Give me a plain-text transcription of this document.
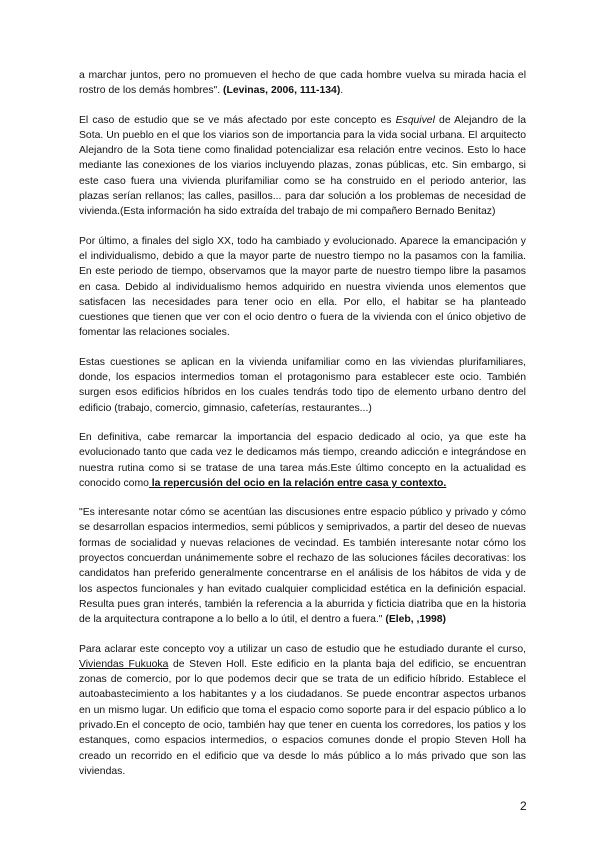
a marchar juntos, pero no promueven el hecho de que cada hombre vuelva su mirada hacia el rostro de los demás hombres". (Levinas, 2006, 111-134).

El caso de estudio que se ve más afectado por este concepto es Esquivel de Alejandro de la Sota. Un pueblo en el que los viarios son de importancia para la vida social urbana. El arquitecto Alejandro de la Sota tiene como finalidad potencializar esa relación entre vecinos. Esto lo hace mediante las conexiones de los viarios incluyendo plazas, zonas públicas, etc. Sin embargo, si este caso fuera una vivienda plurifamiliar como se ha construido en el periodo anterior, las plazas serían rellanos; las calles, pasillos... para dar solución a los problemas de necesidad de vivienda.(Esta información ha sido extraída del trabajo de mi compañero Bernado Benitaz)

Por último, a finales del siglo XX, todo ha cambiado y evolucionado. Aparece la emancipación y el individualismo, debido a que la mayor parte de nuestro tiempo no la pasamos con la familia. En este periodo de tiempo, observamos que la mayor parte de nuestro tiempo libre la pasamos en casa. Debido al individualismo hemos adquirido en nuestra vivienda unos elementos que satisfacen las necesidades para tener ocio en ella. Por ello, el habitar se ha planteado cuestiones que tienen que ver con el ocio dentro o fuera de la vivienda con el único objetivo de fomentar las relaciones sociales.

Estas cuestiones se aplican en la vivienda unifamiliar como en las viviendas plurifamiliares, donde, los espacios intermedios toman el protagonismo para establecer este ocio. También surgen esos edificios híbridos en los cuales tendrás todo tipo de elemento urbano dentro del edificio (trabajo, comercio, gimnasio, cafeterías, restaurantes...)

En definitiva, cabe remarcar la importancia del espacio dedicado al ocio, ya que este ha evolucionado tanto que cada vez le dedicamos más tiempo, creando adicción e integrándose en nuestra rutina como si se tratase de una tarea más.Este último concepto en la actualidad es conocido como la repercusión del ocio en la relación entre casa y contexto.

"Es interesante notar cómo se acentúan las discusiones entre espacio público y privado y cómo se desarrollan espacios intermedios, semi públicos y semiprivados, a partir del deseo de nuevas formas de socialidad y nuevas relaciones de vecindad. Es también interesante notar cómo los proyectos concuerdan unánimemente sobre el rechazo de las soluciones fáciles decorativas: los candidatos han preferido generalmente concentrarse en el análisis de los hábitos de vida y de los aspectos funcionales y han evitado cualquier complicidad estética en la definición espacial. Resulta pues gran interés, también la referencia a la aburrida y ficticia diatriba que en la historia de la arquitectura contrapone a lo bello a lo útil, el dentro a fuera." (Eleb, ,1998)

Para aclarar este concepto voy a utilizar un caso de estudio que he estudiado durante el curso, Viviendas Fukuoka de Steven Holl. Este edificio en la planta baja del edificio, se encuentran zonas de comercio, por lo que podemos decir que se trata de un edificio híbrido. Establece el autoabastecimiento a los habitantes y a los ciudadanos. Se puede encontrar aspectos urbanos en un mismo lugar. Un edificio que toma el espacio como soporte para ir del espacio público a lo privado.En el concepto de ocio, también hay que tener en cuenta los corredores, los patios y los estanques, como espacios intermedios, o espacios comunes donde el propio Steven Holl ha creado un recorrido en el edificio que va desde lo más público a lo más privado que son las viviendas.

2
